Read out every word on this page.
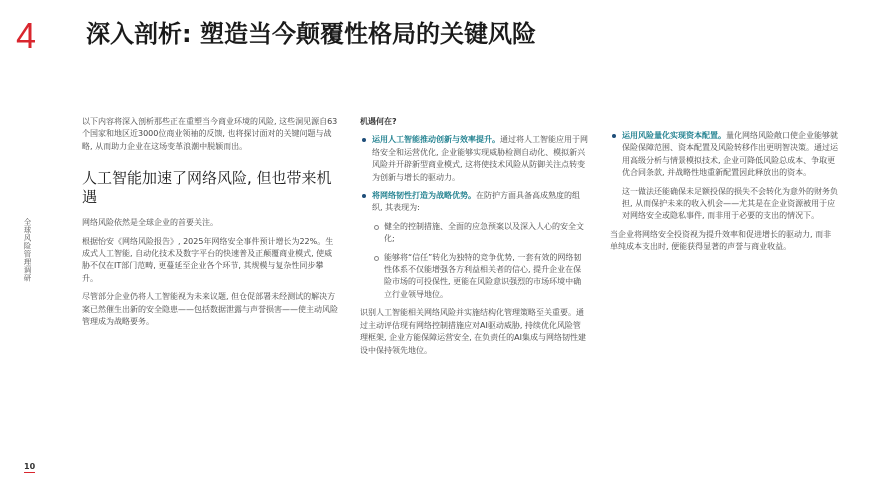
4 深入剖析: 塑造当今颠覆性格局的关键风险
全球风险管理调研
10

以下内容将深入剖析那些正在重塑当今商业环境的风险, 这些洞见源自63个国家和地区近3000位商业领袖的反馈, 也将探讨面对的关键问题与战略, 从而助力企业在这场变革浪潮中脱颖而出。

人工智能加速了网络风险, 但也带来机遇

网络风险依然是全球企业的首要关注。

根据怡安《网络风险报告》, 2025年网络安全事件预计增长为22%。生成式人工智能, 自动化技术及数字平台的快速普及正颠覆商业模式, 使威胁不仅在IT部门范畴, 更蔓延至企业各个环节, 其规模与复杂性同步攀升。

尽管部分企业仍将人工智能视为未来议题, 但仓促部署未经测试的解决方案已然催生出新的安全隐患——包括数据泄露与声誉损害——使主动风险管理成为战略要务。

机遇何在?
运用人工智能推动创新与效率提升。通过将人工智能应用于网络安全和运营优化, 企业能够实现威胁检测自动化、模拟新兴风险并开辟新型商业模式, 这将使技术风险从防御关注点转变为创新与增长的驱动力。
将网络韧性打造为战略优势。在防护方面具备高成熟度的组织, 其表现为:
健全的控制措施、全面的应急预案以及深入人心的安全文化;
能够将“信任”转化为独特的竞争优势, 一套有效的网络韧性体系不仅能增强各方利益相关者的信心, 提升企业在保险市场的可投保性, 更能在风险意识强烈的市场环境中确立行业领导地位。

识别人工智能相关网络风险并实施结构化管理策略至关重要。通过主动评估现有网络控制措施应对AI驱动威胁, 持续优化风险管理框架, 企业方能保障运营安全, 在负责任的AI集成与网络韧性建设中保持领先地位。

运用风险量化实现资本配置。量化网络风险敞口使企业能够就保险保障范围、资本配置及风险转移作出更明智决策。通过运用高级分析与情景模拟技术, 企业可降低风险总成本、争取更优合同条款, 并战略性地重新配置因此释放出的资本。

这一做法还能确保未足额投保的损失不会转化为意外的财务负担, 从而保护未来的收入机会——尤其是在企业资源被用于应对网络安全或隐私事件, 而非用于必要的支出的情况下。

当企业将网络安全投资视为提升效率和促进增长的驱动力, 而非单纯成本支出时, 便能获得显著的声誉与商业收益。
